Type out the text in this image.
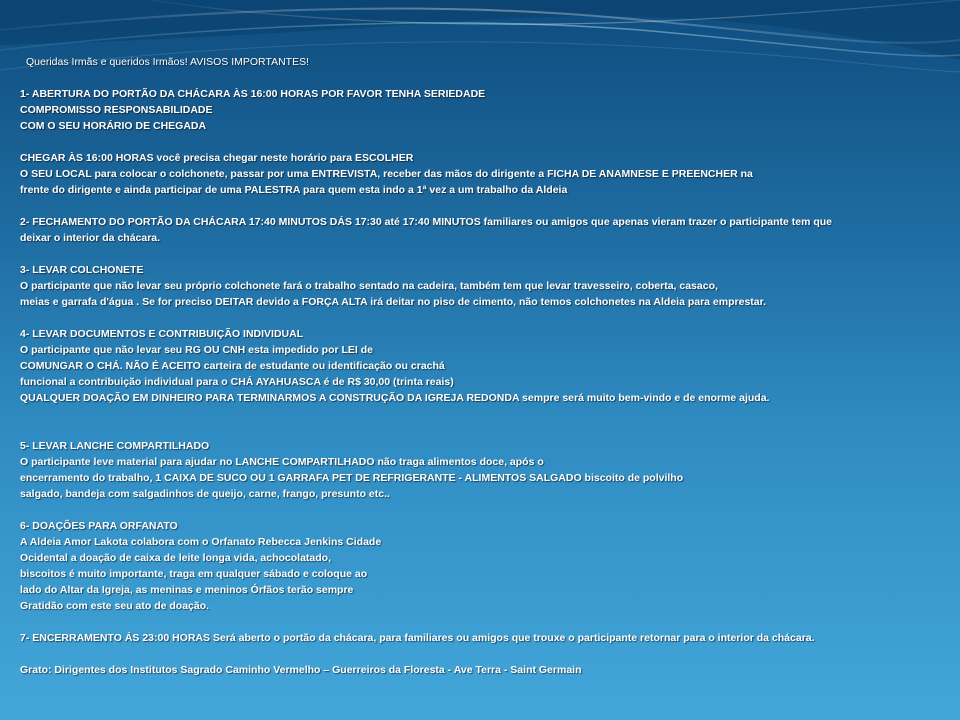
Queridas Irmãs e queridos Irmãos! AVISOS IMPORTANTES!
1- ABERTURA DO PORTÃO DA CHÁCARA ÀS 16:00 HORAS POR FAVOR TENHA SERIEDADE
COMPROMISSO RESPONSABILIDADE
COM O SEU HORÁRIO DE CHEGADA
CHEGAR ÀS 16:00 HORAS você precisa chegar neste horário para ESCOLHER
O SEU LOCAL para colocar o colchonete, passar por uma ENTREVISTA, receber das mãos do dirigente a FICHA DE ANAMNESE E PREENCHER na
frente do dirigente e ainda participar de uma PALESTRA para quem esta indo a 1ª vez a um trabalho da Aldeia
2- FECHAMENTO DO PORTÃO DA CHÁCARA 17:40 MINUTOS DÁS 17:30 até 17:40 MINUTOS familiares ou amigos que apenas vieram trazer o participante tem que
deixar o interior da chácara.
3- LEVAR COLCHONETE
O participante que não levar seu próprio colchonete fará o trabalho sentado na cadeira, também tem que levar travesseiro, coberta, casaco,
meias e garrafa d'água . Se for preciso DEITAR devido a FORÇA ALTA irá deitar no piso de cimento, não temos colchonetes na Aldeia para emprestar.
4- LEVAR DOCUMENTOS E CONTRIBUIÇÃO INDIVIDUAL
O participante que não levar seu RG OU CNH esta impedido por LEI de
COMUNGAR O CHÁ. NÃO É ACEITO carteira de estudante ou identificação ou crachá
funcional a contribuição individual para o CHÁ AYAHUASCA é de R$ 30,00 (trinta reais)
QUALQUER DOAÇÃO EM DINHEIRO PARA TERMINARMOS A CONSTRUÇÃO DA IGREJA REDONDA sempre será muito bem-vindo e de enorme ajuda.
5- LEVAR LANCHE COMPARTILHADO
O participante leve material para ajudar no LANCHE COMPARTILHADO não traga alimentos doce, após o
encerramento do trabalho, 1 CAIXA DE SUCO OU 1 GARRAFA PET DE REFRIGERANTE - ALIMENTOS SALGADO biscoito de polvilho
salgado, bandeja com salgadinhos de queijo, carne, frango, presunto etc..
6- DOAÇÕES PARA ORFANATO
A Aldeia Amor Lakota colabora com o Orfanato Rebecca Jenkins Cidade
Ocidental a doação de caixa de leite longa vida, achocolatado,
biscoitos é muito importante, traga em qualquer sábado e coloque ao
lado do Altar da Igreja, as meninas e meninos Órfãos terão sempre
Gratidão com este seu ato de doação.
7- ENCERRAMENTO ÁS 23:00 HORAS Será aberto o portão da chácara, para familiares ou amigos que trouxe o participante retornar para o interior da chácara.
Grato: Dirigentes dos Institutos Sagrado Caminho Vermelho – Guerreiros da Floresta - Ave Terra - Saint Germain
